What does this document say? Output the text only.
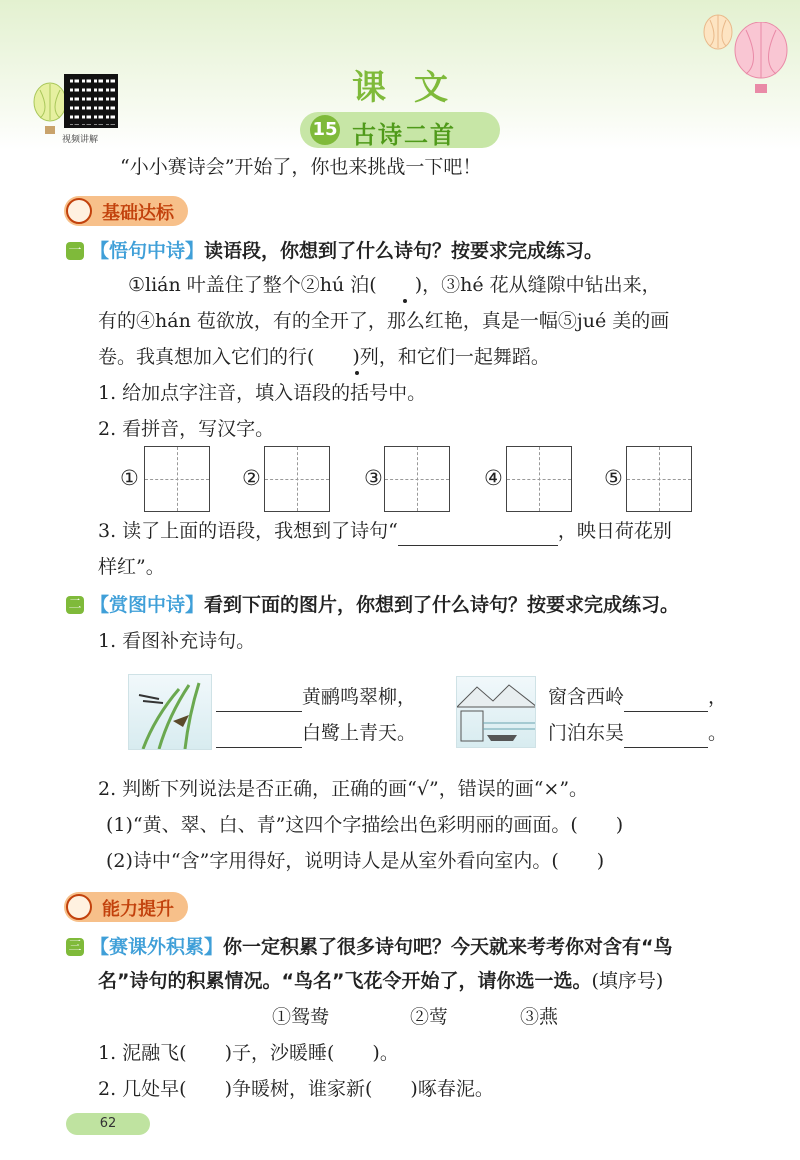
视频讲解
课文
15 古诗二首
“小小赛诗会”开始了，你也来挑战一下吧！
基础达标
一 【悟句中诗】读语段，你想到了什么诗句？按要求完成练习。
①lián 叶盖住了整个②hú 泊(　　)，③hé 花从缝隙中钻出来，
有的④hán 苞欲放，有的全开了，那么红艳，真是一幅⑤jué 美的画
卷。我真想加入它们的行(　　)列，和它们一起舞蹈。
1. 给加点字注音，填入语段的括号中。
2. 看拼音，写汉字。
①	②	③	④	⑤
3. 读了上面的语段，我想到了诗句“	，映日荷花别
样红”。
二 【赏图中诗】看到下面的图片，你想到了什么诗句？按要求完成练习。
1. 看图补充诗句。
黄鹂鸣翠柳，
白鹭上青天。
窗含西岭	，
门泊东吴	。
2. 判断下列说法是否正确，正确的画“√”，错误的画“×”。
(1)“黄、翠、白、青”这四个字描绘出色彩明丽的画面。(　　)
(2)诗中“含”字用得好，说明诗人是从室外看向室内。(　　)
能力提升
三 【赛课外积累】你一定积累了很多诗句吧？今天就来考考你对含有“鸟
名”诗句的积累情况。“鸟名”飞花令开始了，请你选一选。(填序号)
①鸳鸯	②莺	③燕
1. 泥融飞(　　)子，沙暖睡(　　)。
2. 几处早(　　)争暖树，谁家新(　　)啄春泥。
62
